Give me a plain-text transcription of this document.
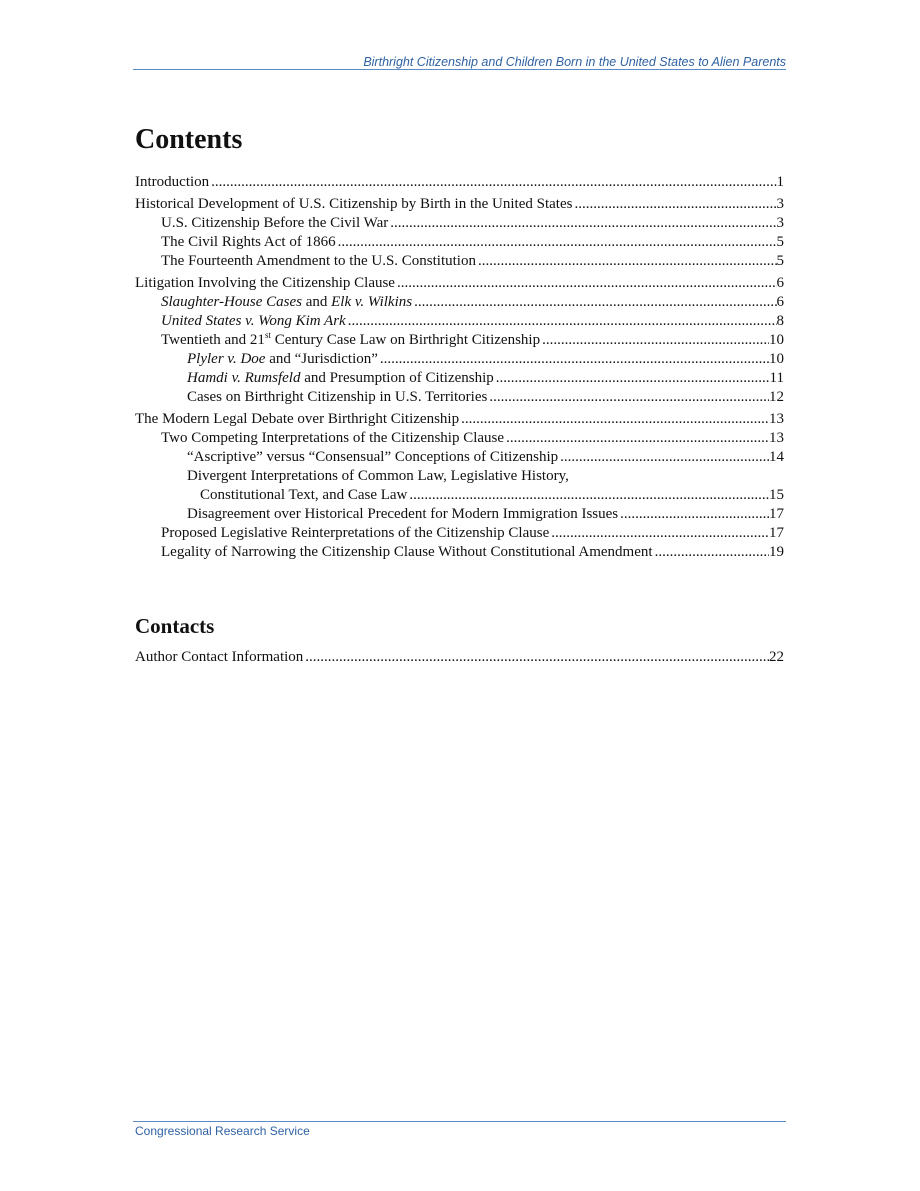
Birthright Citizenship and Children Born in the United States to Alien Parents
Contents
Introduction .....	1
Historical Development of U.S. Citizenship by Birth in the United States .....	3
U.S. Citizenship Before the Civil War .....	3
The Civil Rights Act of 1866 .....	5
The Fourteenth Amendment to the U.S. Constitution .....	5
Litigation Involving the Citizenship Clause .....	6
Slaughter-House Cases and Elk v. Wilkins .....	6
United States v. Wong Kim Ark .....	8
Twentieth and 21st Century Case Law on Birthright Citizenship .....	10
Plyler v. Doe and “Jurisdiction” .....	10
Hamdi v. Rumsfeld and Presumption of Citizenship .....	11
Cases on Birthright Citizenship in U.S. Territories .....	12
The Modern Legal Debate over Birthright Citizenship .....	13
Two Competing Interpretations of the Citizenship Clause .....	13
“Ascriptive” versus “Consensual” Conceptions of Citizenship .....	14
Divergent Interpretations of Common Law, Legislative History,
Constitutional Text, and Case Law .....	15
Disagreement over Historical Precedent for Modern Immigration Issues .....	17
Proposed Legislative Reinterpretations of the Citizenship Clause .....	17
Legality of Narrowing the Citizenship Clause Without Constitutional Amendment .....	19
Contacts
Author Contact Information .....	22
Congressional Research Service
